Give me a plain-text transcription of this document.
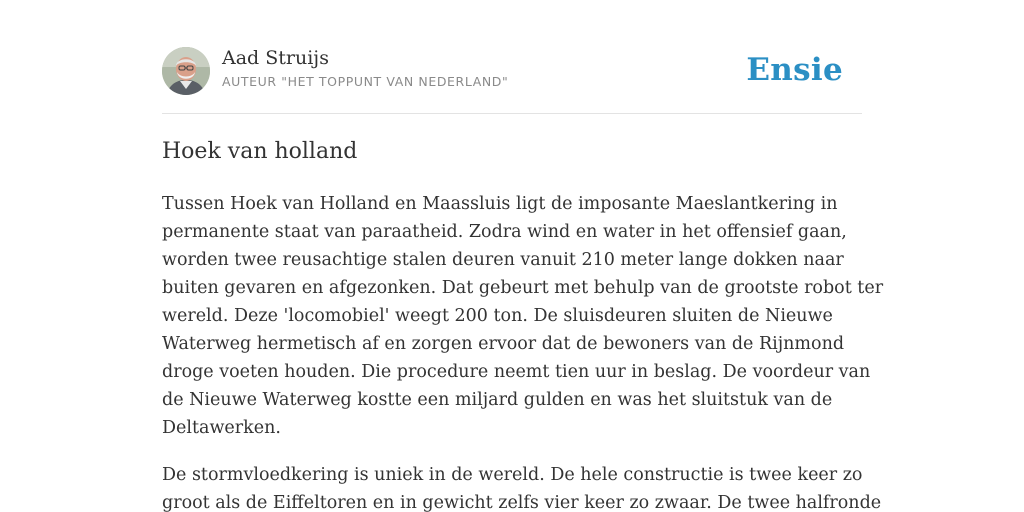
Aad Struijs
AUTEUR "HET TOPPUNT VAN NEDERLAND"	Ensie
Hoek van holland
Tussen Hoek van Holland en Maassluis ligt de imposante Maeslantkering in
permanente staat van paraatheid. Zodra wind en water in het offensief gaan,
worden twee reusachtige stalen deuren vanuit 210 meter lange dokken naar
buiten gevaren en afgezonken. Dat gebeurt met behulp van de grootste robot ter
wereld. Deze 'locomobiel' weegt 200 ton. De sluisdeuren sluiten de Nieuwe
Waterweg hermetisch af en zorgen ervoor dat de bewoners van de Rijnmond
droge voeten houden. Die procedure neemt tien uur in beslag. De voordeur van
de Nieuwe Waterweg kostte een miljard gulden en was het sluitstuk van de
Deltawerken.
De stormvloedkering is uniek in de wereld. De hele constructie is twee keer zo
groot als de Eiffeltoren en in gewicht zelfs vier keer zo zwaar. De twee halfronde
